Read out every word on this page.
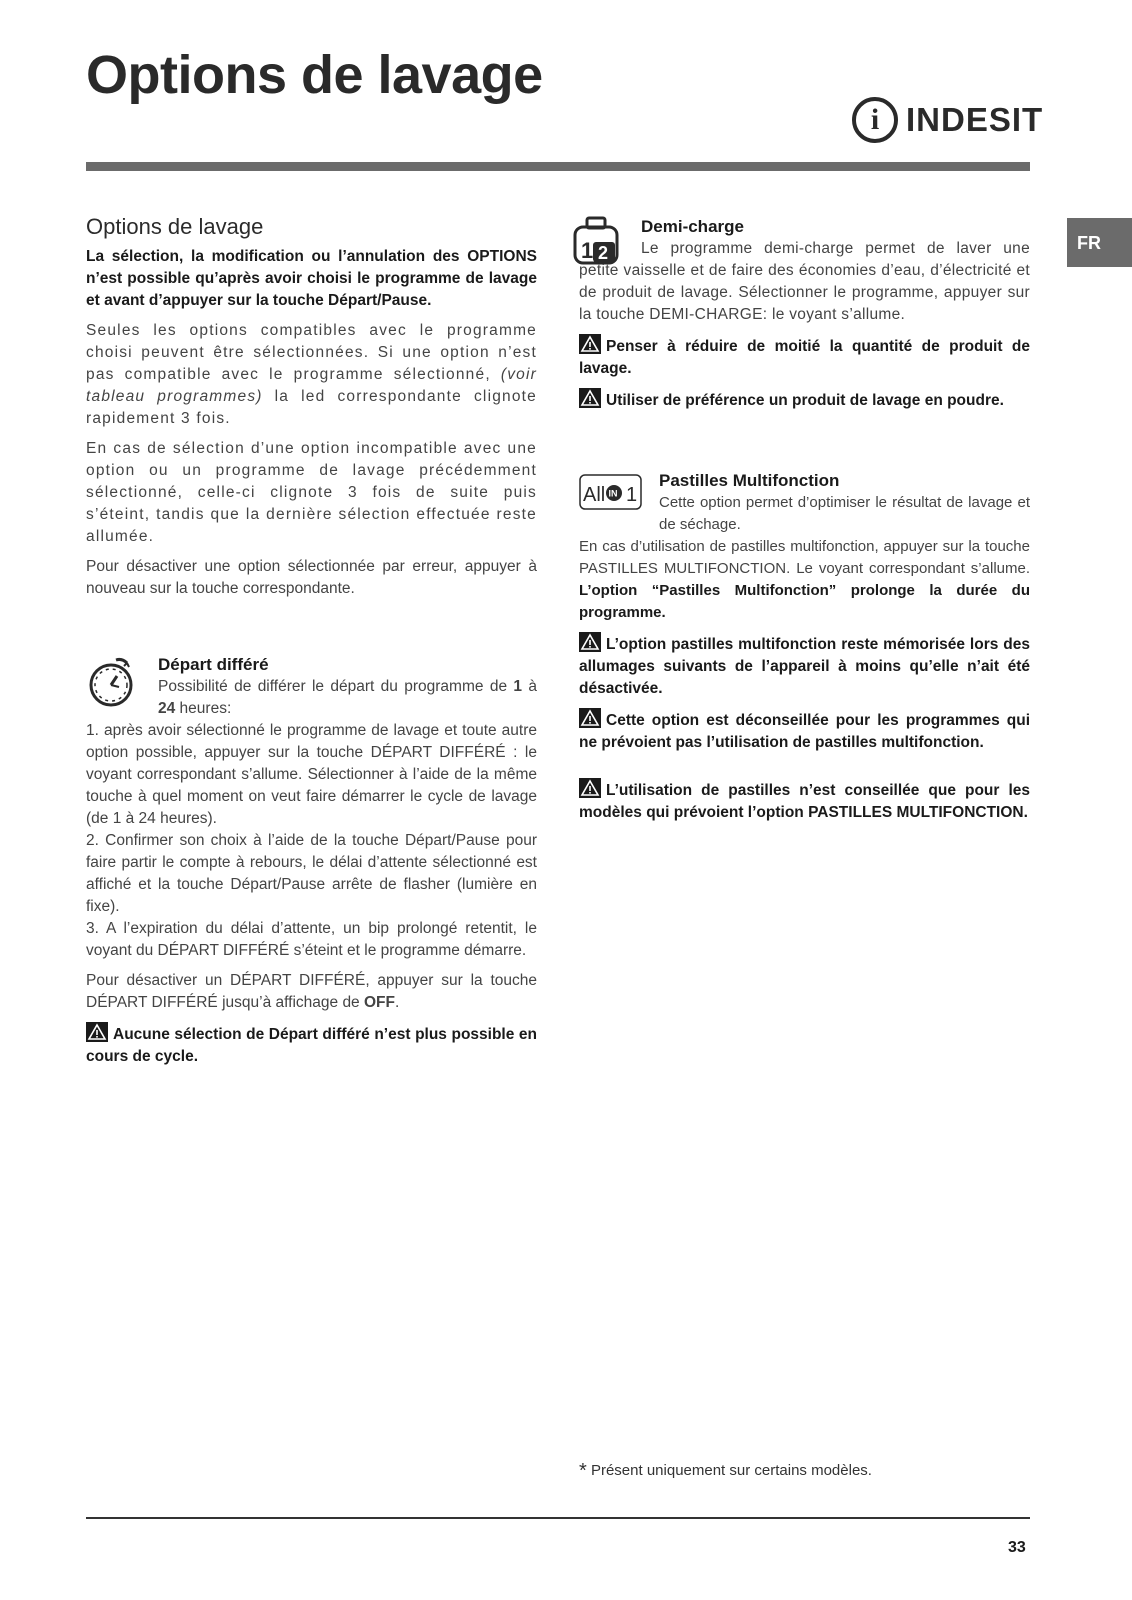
Options de lavage
i INDESIT
FR
Options de lavage

La sélection, la modification ou l’annulation des OPTIONS n’est possible qu’après avoir choisi le programme de lavage et avant d’appuyer sur la touche Départ/Pause.

Seules les options compatibles avec le programme choisi peuvent être sélectionnées. Si une option n’est pas compatible avec le programme sélectionné, (voir tableau programmes) la led correspondante clignote rapidement 3 fois.

En cas de sélection d’une option incompatible avec une option ou un programme de lavage précédemment sélectionné, celle-ci clignote 3 fois de suite puis s’éteint, tandis que la dernière sélection effectuée reste allumée.

Pour désactiver une option sélectionnée par erreur, appuyer à nouveau sur la touche correspondante.

Départ différé

Possibilité de différer le départ du programme de 1 à 24 heures:

1. après avoir sélectionné le programme de lavage et toute autre option possible, appuyer sur la touche DÉPART DIFFÉRÉ : le voyant correspondant s’allume. Sélectionner à l’aide de la même touche à quel moment on veut faire démarrer le cycle de lavage (de 1 à 24 heures).

2. Confirmer son choix à l’aide de la touche Départ/Pause pour faire partir le compte à rebours, le délai d’attente sélectionné est affiché et la touche Départ/Pause arrête de flasher (lumière en fixe).

3. A l’expiration du délai d’attente, un bip prolongé retentit, le voyant du DÉPART DIFFÉRÉ s’éteint et le programme démarre.

Pour désactiver un DÉPART DIFFÉRÉ, appuyer sur la touche DÉPART DIFFÉRÉ jusqu’à affichage de OFF.

Aucune sélection de Départ différé n’est plus possible en cours de cycle.

1 2

Demi-charge

Le programme demi-charge permet de laver une petite vaisselle et de faire des économies d’eau, d’électricité et de produit de lavage. Sélectionner le programme, appuyer sur la touche DEMI-CHARGE: le voyant s’allume.

Penser à réduire de moitié la quantité de produit de lavage.

Utiliser de préférence un produit de lavage en poudre.

All IN 1
Pastilles Multifonction

Cette option permet d’optimiser le résultat de lavage et de séchage.

En cas d’utilisation de pastilles multifonction, appuyer sur la touche PASTILLES MULTIFONCTION. Le voyant correspondant s’allume. L’option “Pastilles Multifonction” prolonge la durée du programme.

L’option pastilles multifonction reste mémorisée lors des allumages suivants de l’appareil à moins qu’elle n’ait été désactivée.

Cette option est déconseillée pour les programmes qui ne prévoient pas l’utilisation de pastilles multifonction.

L’utilisation de pastilles n’est conseillée que pour les modèles qui prévoient l’option PASTILLES MULTIFONCTION.

* Présent uniquement sur certains modèles.
33
